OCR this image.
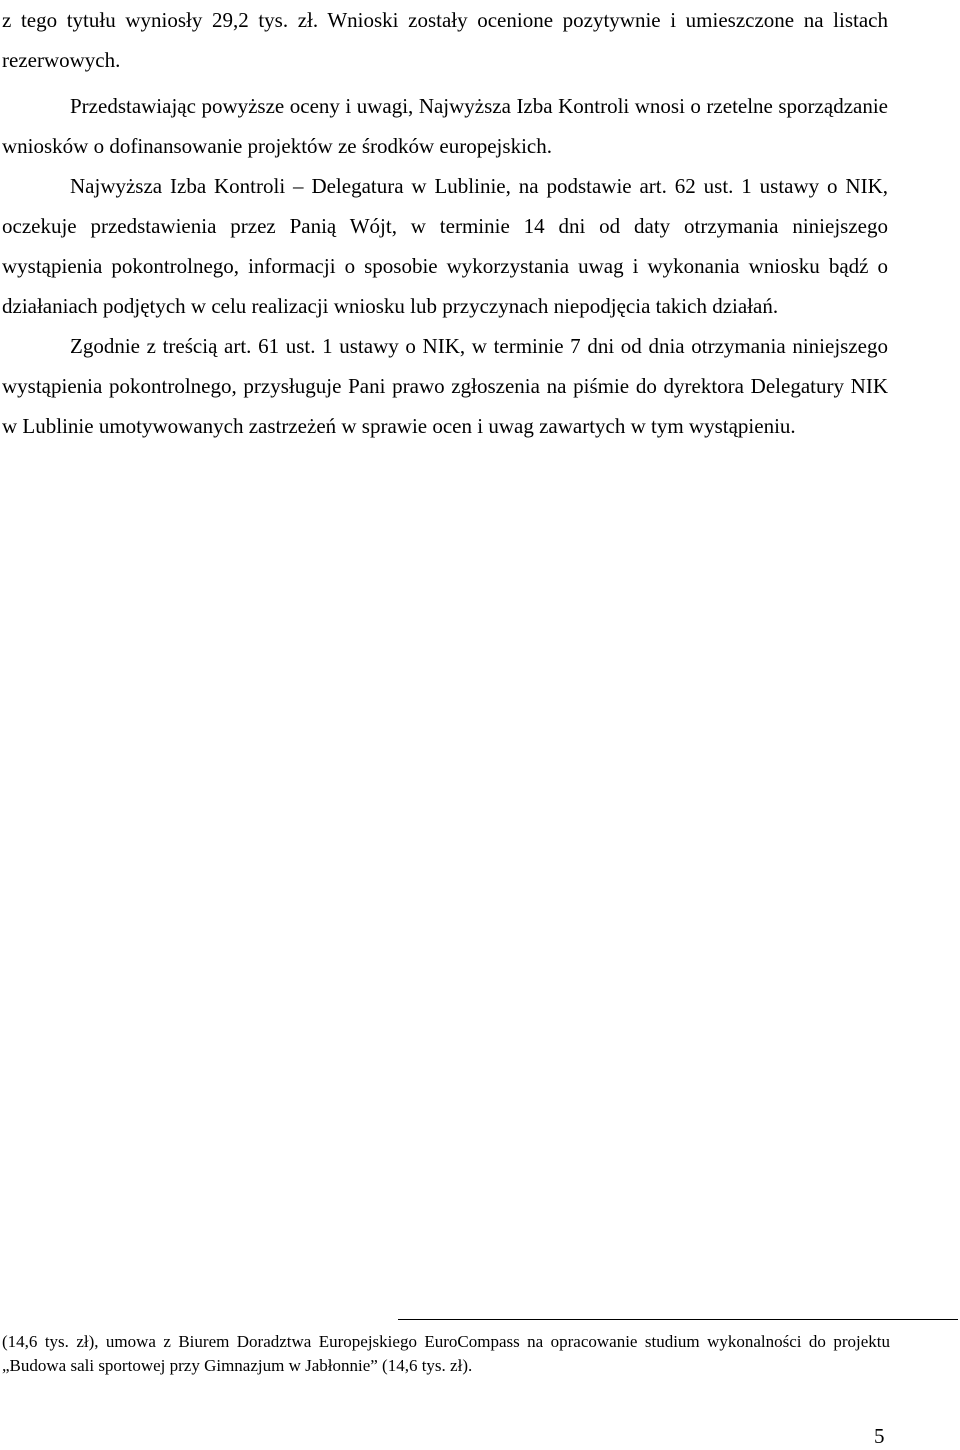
z tego tytułu wyniosły 29,2 tys. zł. Wnioski zostały ocenione pozytywnie i umieszczone na listach rezerwowych.

Przedstawiając powyższe oceny i uwagi, Najwyższa Izba Kontroli wnosi o rzetelne sporządzanie wniosków o dofinansowanie projektów ze środków europejskich.

Najwyższa Izba Kontroli – Delegatura w Lublinie, na podstawie art. 62 ust. 1 ustawy o NIK, oczekuje przedstawienia przez Panią Wójt, w terminie 14 dni od daty otrzymania niniejszego wystąpienia pokontrolnego, informacji o sposobie wykorzystania uwag i wykonania wniosku bądź o działaniach podjętych w celu realizacji wniosku lub przyczynach niepodjęcia takich działań.

Zgodnie z treścią art. 61 ust. 1 ustawy o NIK, w terminie 7 dni od dnia otrzymania niniejszego wystąpienia pokontrolnego, przysługuje Pani prawo zgłoszenia na piśmie do dyrektora Delegatury NIK w Lublinie umotywowanych zastrzeżeń w sprawie ocen i uwag zawartych w tym wystąpieniu.

(14,6 tys. zł), umowa z Biurem Doradztwa Europejskiego EuroCompass na opracowanie studium wykonalności do projektu „Budowa sali sportowej przy Gimnazjum w Jabłonnie” (14,6 tys. zł).
5
